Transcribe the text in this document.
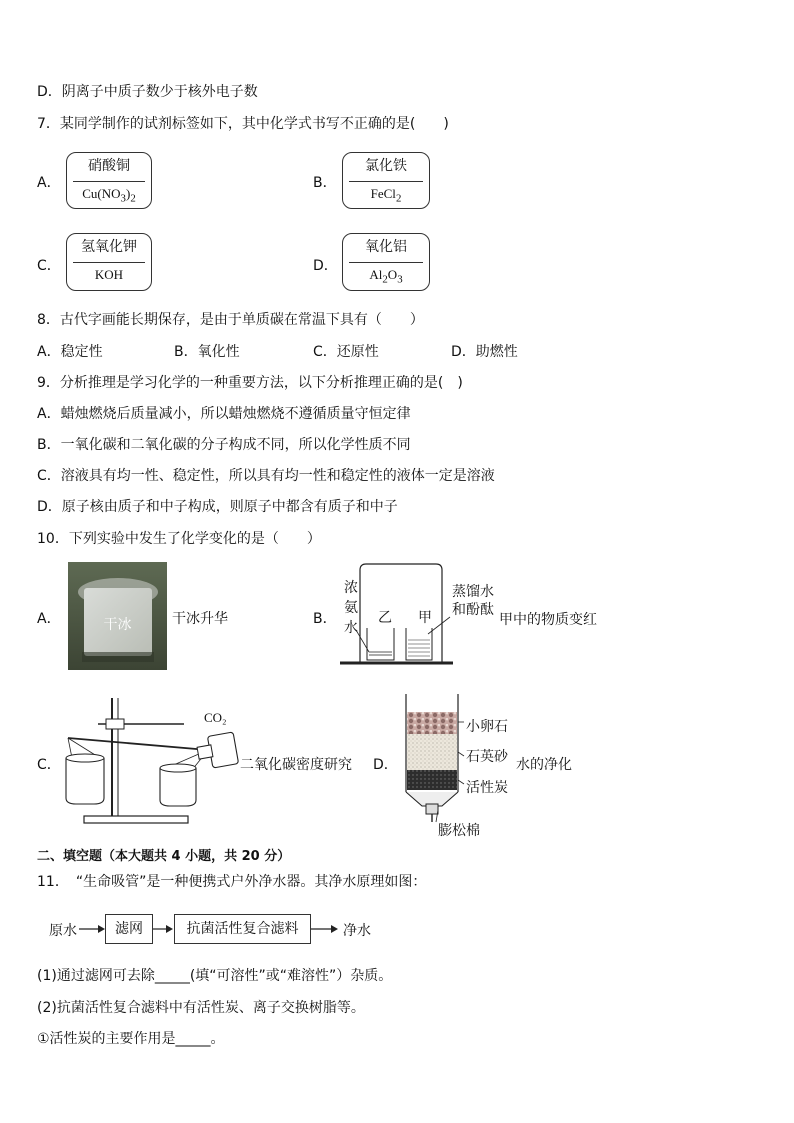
D．阴离子中质子数少于核外电子数
7．某同学制作的试剂标签如下，其中化学式书写不正确的是(　　)
A．
硝酸铜
$Cu(NO_3)_2$
B．
氯化铁
FeCl$_2$
C．
氢氧化钾
KOH
D．
氧化铝
$Al_2O_3$
8．古代字画能长期保存，是由于单质碳在常温下具有（　　）
A．稳定性	B．氧化性	C．还原性	D．助燃性
9．分析推理是学习化学的一种重要方法，以下分析推理正确的是(　)
A．蜡烛燃烧后质量减小，所以蜡烛燃烧不遵循质量守恒定律
B．一氧化碳和二氧化碳的分子构成不同，所以化学性质不同
C．溶液具有均一性、稳定性，所以具有均一性和稳定性的液体一定是溶液
D．原子核由质子和中子构成，则原子中都含有质子和中子
10．下列实验中发生了化学变化的是（　　）
A．	干冰	干冰升华	B．
浓
氨
水
乙 甲
蒸馏水
和酚酞
甲中的物质变红
C．
CO₂
二氧化碳密度研究 D．
小卵石
石英砂
活性炭
膨松棉
水的净化
二、填空题（本大题共 4 小题，共 20 分）
11．　“生命吸管”是一种便携式户外净水器。其净水原理如图：
原水	滤网	抗菌活性复合滤料	净水
(1)通过滤网可去除_____(填“可溶性”或“难溶性”）杂质。
(2)抗菌活性复合滤料中有活性炭、离子交换树脂等。
①活性炭的主要作用是_____。
